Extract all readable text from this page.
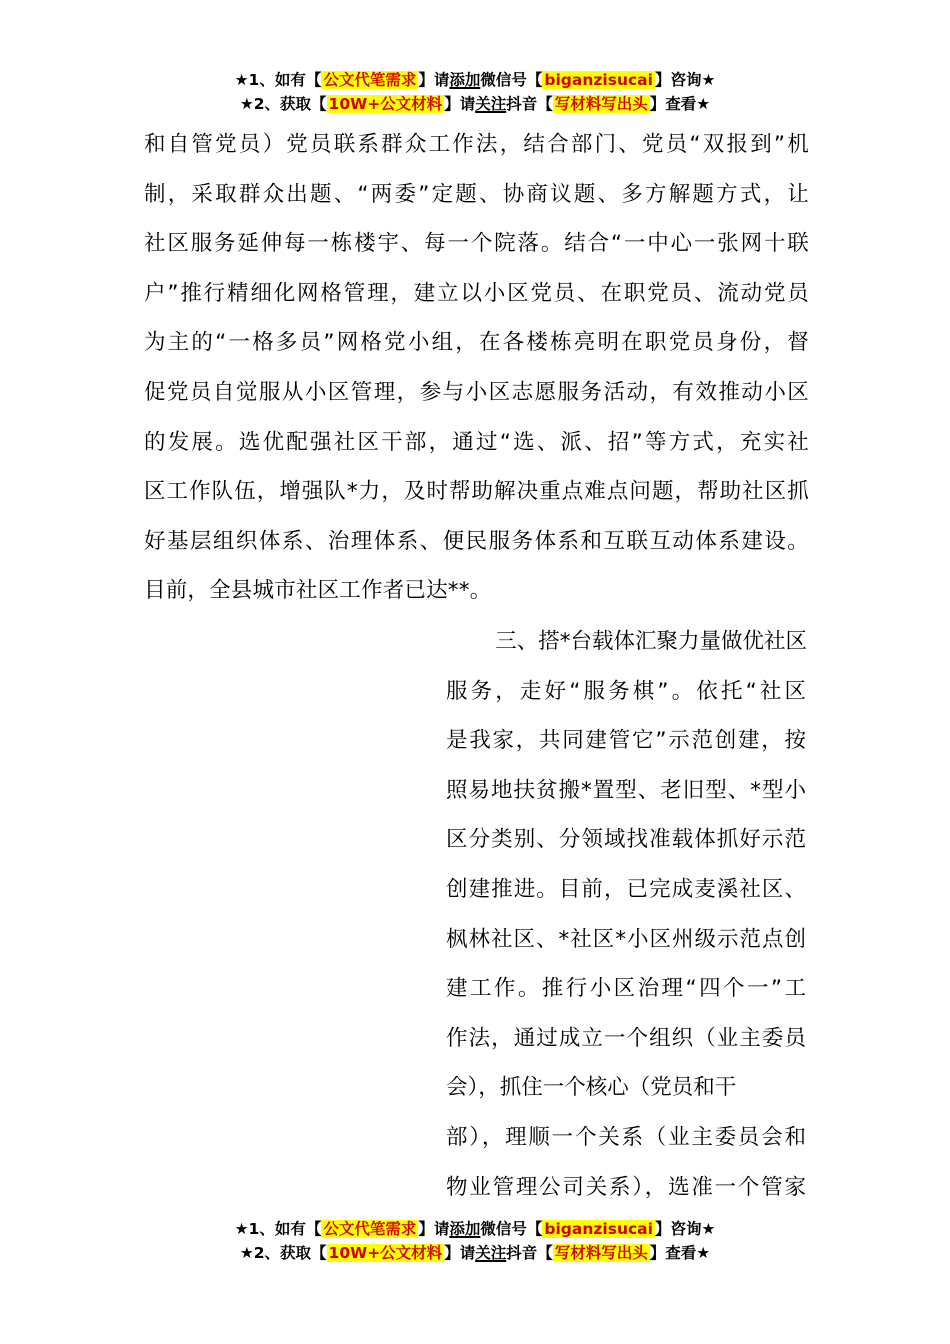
★1、如有【 公文代笔需求 】请添加微信号【 biganzisucai 】咨询★
★2、获取【 10W+公文材料 】请关注抖音【 写材料写出头 】查看★
和自管党员）党员联系群众工作法，结合部门、党员“双报到”机
制，采取群众出题、“两委”定题、协商议题、多方解题方式，让
社区服务延伸每一栋楼宇、每一个院落。结合“一中心一张网十联
户”推行精细化网格管理，建立以小区党员、在职党员、流动党员
为主的“一格多员”网格党小组，在各楼栋亮明在职党员身份，督
促党员自觉服从小区管理，参与小区志愿服务活动，有效推动小区
的发展。选优配强社区干部，通过“选、派、招”等方式，充实社
区工作队伍，增强队*力，及时帮助解决重点难点问题，帮助社区抓
好基层组织体系、治理体系、便民服务体系和互联互动体系建设。
目前，全县城市社区工作者已达**。
三、搭*台载体汇聚力量做优社区
服务，走好“服务棋”。依托“社区
是我家，共同建管它”示范创建，按
照易地扶贫搬*置型、老旧型、*型小
区分类别、分领域找准载体抓好示范
创建推进。目前，已完成麦溪社区、
枫林社区、*社区*小区州级示范点创
建工作。推行小区治理“四个一”工
作法，通过成立一个组织（业主委员
会），抓住一个核心（党员和干
部），理顺一个关系（业主委员会和
物业管理公司关系），选准一个管家
★1、如有【 公文代笔需求 】请添加微信号【 biganzisucai 】咨询★
★2、获取【 10W+公文材料 】请关注抖音【 写材料写出头 】查看★
